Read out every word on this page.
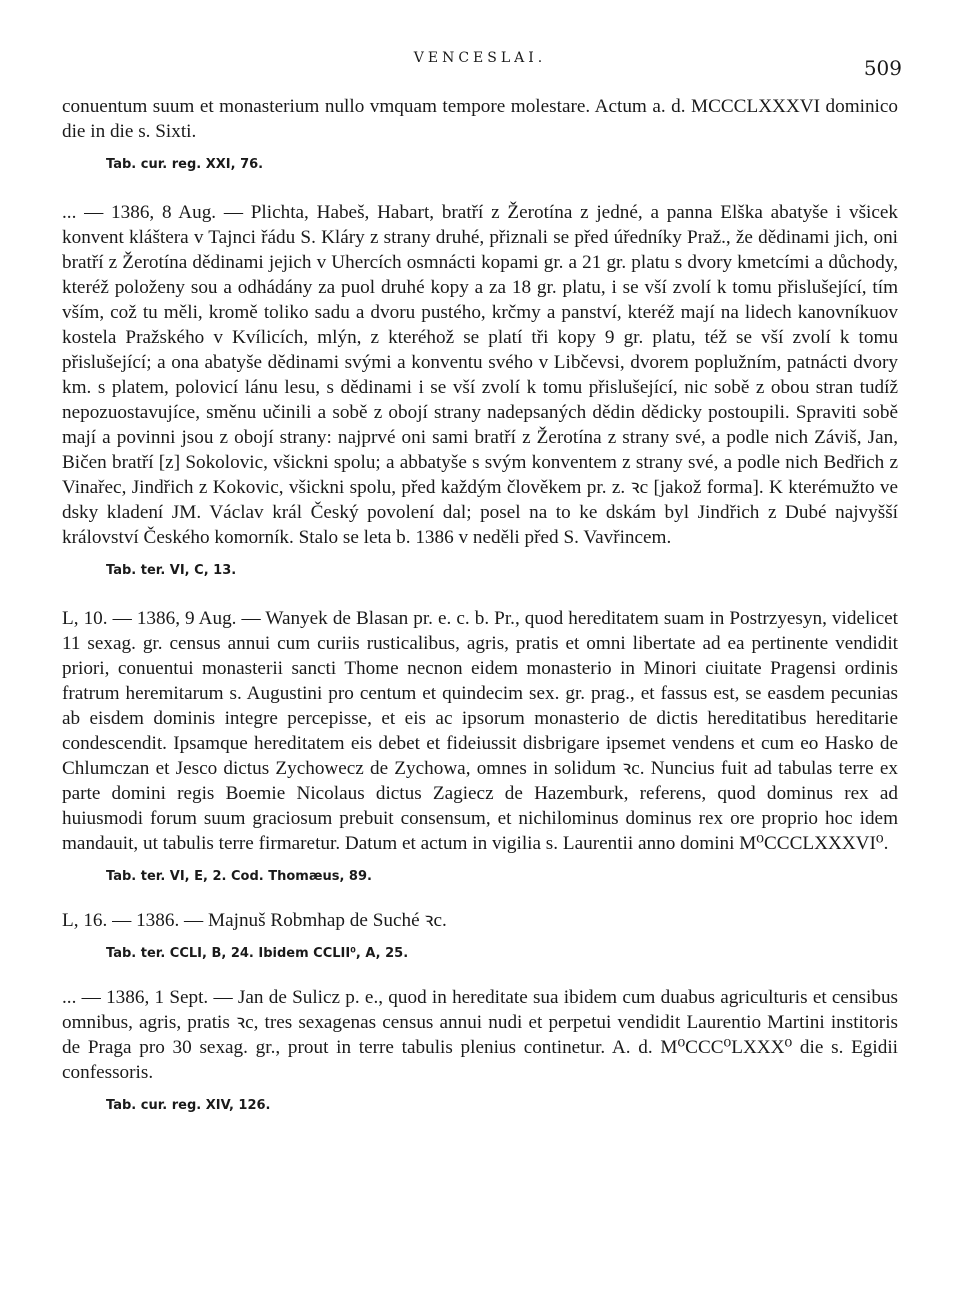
VENCESLAI.	509

conuentum suum et monasterium nullo vmquam tempore molestare. Actum a. d. MCCCLXXXVI dominico die in die s. Sixti.

Tab. cur. reg. XXI, 76.

... — 1386, 8 Aug. — Plichta, Habeš, Habart, bratří z Žerotína z jedné, a panna Elška abatyše i všicek konvent kláštera v Tajnci řádu S. Kláry z strany druhé, přiznali se před úředníky Praž., že dědinami jich, oni bratří z Žerotína dědinami jejich v Uhercích osmnácti kopami gr. a 21 gr. platu s dvory kmetcími a důchody, kteréž položeny sou a odhádány za puol druhé kopy a za 18 gr. platu, i se vší zvolí k tomu přislušející, tím vším, což tu měli, kromě toliko sadu a dvoru pustého, krčmy a panství, kteréž mají na lidech kanovníkuov kostela Pražského v Kvílicích, mlýn, z kteréhož se platí tři kopy 9 gr. platu, též se vší zvolí k tomu přislušející; a ona abatyše dědinami svými a konventu svého v Libčevsi, dvorem poplužním, patnácti dvory km. s platem, polovicí lánu lesu, s dědinami i se vší zvolí k tomu přislušející, nic sobě z obou stran tudíž nepozuostavujíce, směnu učinili a sobě z obojí strany nadepsaných dědin dědicky postoupili. Spraviti sobě mají a povinni jsou z obojí strany: najprvé oni sami bratří z Žerotína z strany své, a podle nich Záviš, Jan, Bičen bratří [z] Sokolovic, všickni spolu; a abbatyše s svým konventem z strany své, a podle nich Bedřich z Vinařec, Jindřich z Kokovic, všickni spolu, před každým člověkem pr. z. ꝛc [jakož forma]. K kterémužto ve dsky kladení JM. Václav král Český povolení dal; posel na to ke dskám byl Jindřich z Dubé najvyšší království Českého komorník. Stalo se leta b. 1386 v neděli před S. Vavřincem.

Tab. ter. VI, C, 13.

L, 10. — 1386, 9 Aug. — Wanyek de Blasan pr. e. c. b. Pr., quod hereditatem suam in Postrzyesyn, videlicet 11 sexag. gr. census annui cum curiis rusticalibus, agris, pratis et omni libertate ad ea pertinente vendidit priori, conuentui monasterii sancti Thome necnon eidem monasterio in Minori ciuitate Pragensi ordinis fratrum heremitarum s. Augustini pro centum et quindecim sex. gr. prag., et fassus est, se easdem pecunias ab eisdem dominis integre percepisse, et eis ac ipsorum monasterio de dictis hereditatibus hereditarie condescendit. Ipsamque hereditatem eis debet et fideiussit disbrigare ipsemet vendens et cum eo Hasko de Chlumczan et Jesco dictus Zychowecz de Zychowa, omnes in solidum ꝛc. Nuncius fuit ad tabulas terre ex parte domini regis Boemie Nicolaus dictus Zagiecz de Hazemburk, referens, quod dominus rex ad huiusmodi forum suum graciosum prebuit consensum, et nichilominus dominus rex ore proprio hoc idem mandauit, ut tabulis terre firmaretur. Datum et actum in vigilia s. Laurentii anno domini M⁰CCCLXXXVI⁰.

Tab. ter. VI, E, 2. Cod. Thomæus, 89.

L, 16. — 1386. — Majnuš Robmhap de Suché ꝛc.

Tab. ter. CCLI, B, 24. Ibidem CCLII⁰, A, 25.

... — 1386, 1 Sept. — Jan de Sulicz p. e., quod in hereditate sua ibidem cum duabus agriculturis et censibus omnibus, agris, pratis ꝛc, tres sexagenas census annui nudi et perpetui vendidit Laurentio Martini institoris de Praga pro 30 sexag. gr., prout in terre tabulis plenius continetur. A. d. M⁰CCC⁰LXXX⁰ die s. Egidii confessoris.

Tab. cur. reg. XIV, 126.
